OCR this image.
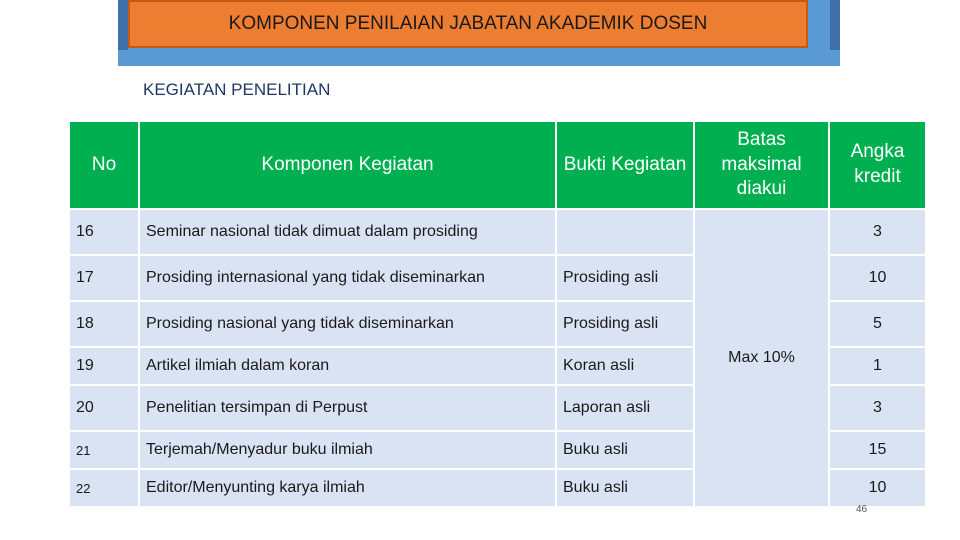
KOMPONEN PENILAIAN JABATAN AKADEMIK DOSEN
KEGIATAN PENELITIAN
No	Komponen Kegiatan	Bukti Kegiatan	Batas maksimal diakui	Angka kredit
16	Seminar nasional tidak dimuat dalam prosiding		Max 10%	3
17	Prosiding internasional yang tidak diseminarkan	Prosiding asli		10
18	Prosiding nasional yang tidak diseminarkan	Prosiding asli		5
19	Artikel ilmiah dalam koran	Koran asli		1
20	Penelitian tersimpan di Perpust	Laporan asli		3
21	Terjemah/Menyadur buku ilmiah	Buku asli		15
22	Editor/Menyunting karya ilmiah	Buku asli		10
46
